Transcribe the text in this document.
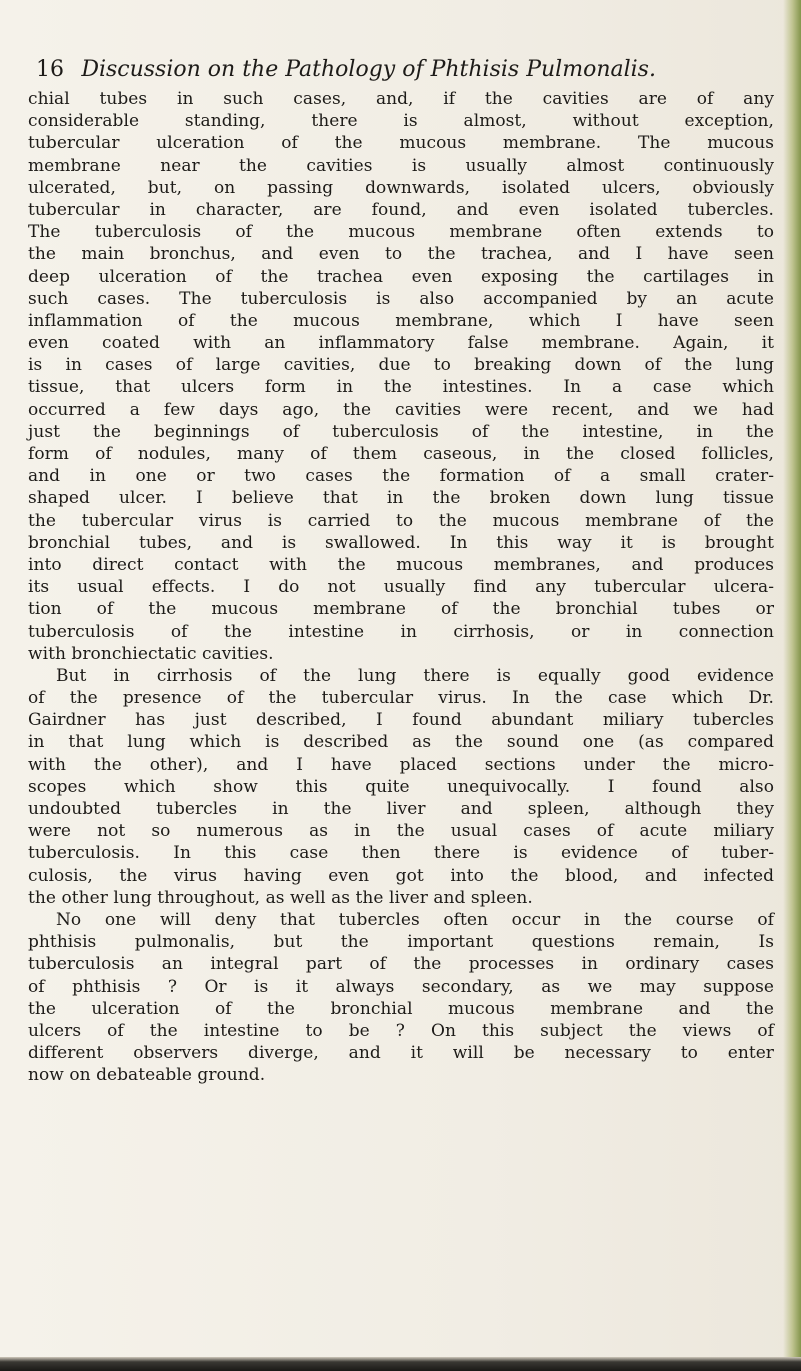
16 Discussion on the Pathology of Phthisis Pulmonalis.
chial tubes in such cases, and, if the cavities are of any
considerable standing, there is almost, without exception,
tubercular ulceration of the mucous membrane. The mucous
membrane near the cavities is usually almost continuously
ulcerated, but, on passing downwards, isolated ulcers, obviously
tubercular in character, are found, and even isolated tubercles.
The tuberculosis of the mucous membrane often extends to
the main bronchus, and even to the trachea, and I have seen
deep ulceration of the trachea even exposing the cartilages in
such cases. The tuberculosis is also accompanied by an acute
inflammation of the mucous membrane, which I have seen
even coated with an inflammatory false membrane. Again, it
is in cases of large cavities, due to breaking down of the lung
tissue, that ulcers form in the intestines. In a case which
occurred a few days ago, the cavities were recent, and we had
just the beginnings of tuberculosis of the intestine, in the
form of nodules, many of them caseous, in the closed follicles,
and in one or two cases the formation of a small crater-
shaped ulcer. I believe that in the broken down lung tissue
the tubercular virus is carried to the mucous membrane of the
bronchial tubes, and is swallowed. In this way it is brought
into direct contact with the mucous membranes, and produces
its usual effects. I do not usually find any tubercular ulcera-
tion of the mucous membrane of the bronchial tubes or
tuberculosis of the intestine in cirrhosis, or in connection
with bronchiectatic cavities.
But in cirrhosis of the lung there is equally good evidence
of the presence of the tubercular virus. In the case which Dr.
Gairdner has just described, I found abundant miliary tubercles
in that lung which is described as the sound one (as compared
with the other), and I have placed sections under the micro-
scopes which show this quite unequivocally. I found also
undoubted tubercles in the liver and spleen, although they
were not so numerous as in the usual cases of acute miliary
tuberculosis. In this case then there is evidence of tuber-
culosis, the virus having even got into the blood, and infected
the other lung throughout, as well as the liver and spleen.
No one will deny that tubercles often occur in the course of
phthisis pulmonalis, but the important questions remain, Is
tuberculosis an integral part of the processes in ordinary cases
of phthisis ? Or is it always secondary, as we may suppose
the ulceration of the bronchial mucous membrane and the
ulcers of the intestine to be ? On this subject the views of
different observers diverge, and it will be necessary to enter
now on debateable ground.
